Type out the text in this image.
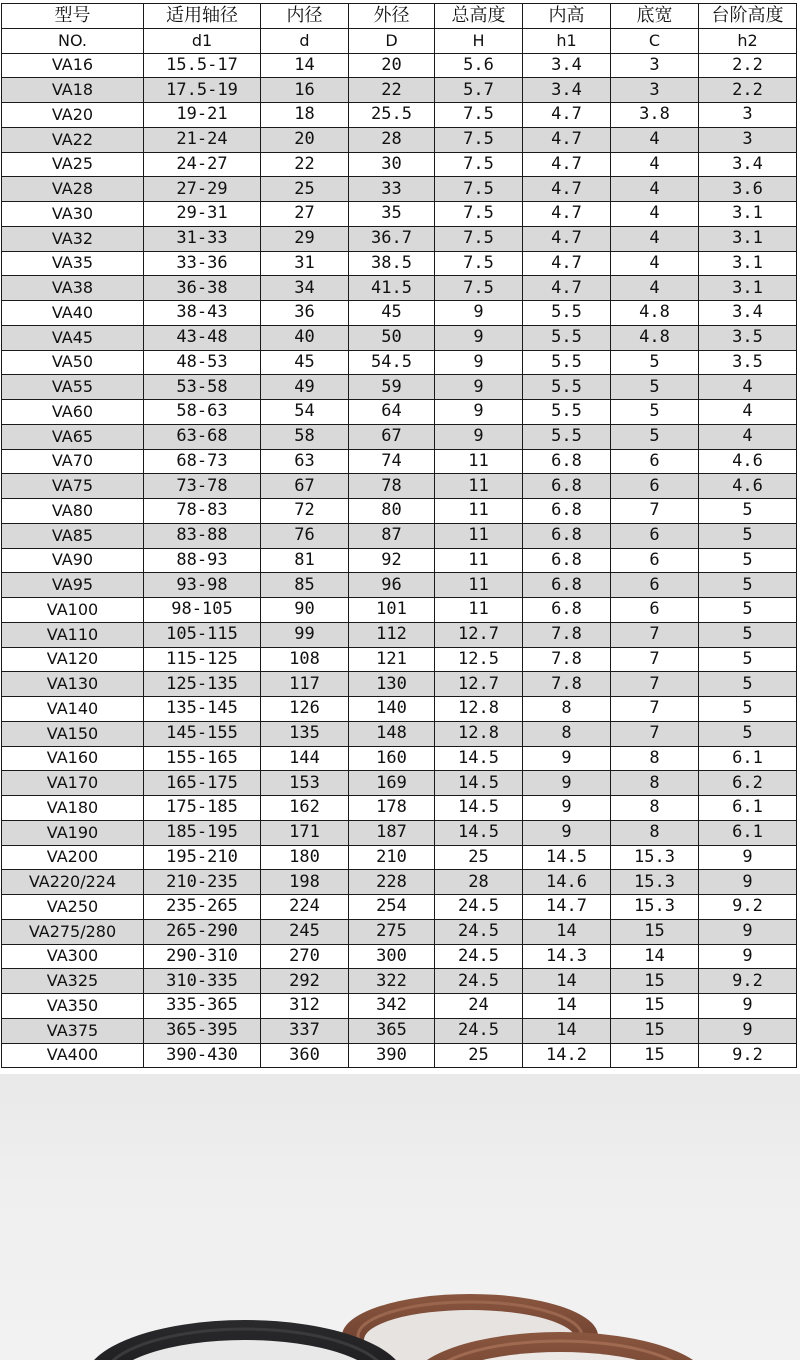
型号	适用轴径	内径	外径	总高度	内高	底宽	台阶高度
NO.	d1	d	D	H	h1	C	h2
VA16	15.5-17	14	20	5.6	3.4	3	2.2
VA18	17.5-19	16	22	5.7	3.4	3	2.2
VA20	19-21	18	25.5	7.5	4.7	3.8	3
VA22	21-24	20	28	7.5	4.7	4	3
VA25	24-27	22	30	7.5	4.7	4	3.4
VA28	27-29	25	33	7.5	4.7	4	3.6
VA30	29-31	27	35	7.5	4.7	4	3.1
VA32	31-33	29	36.7	7.5	4.7	4	3.1
VA35	33-36	31	38.5	7.5	4.7	4	3.1
VA38	36-38	34	41.5	7.5	4.7	4	3.1
VA40	38-43	36	45	9	5.5	4.8	3.4
VA45	43-48	40	50	9	5.5	4.8	3.5
VA50	48-53	45	54.5	9	5.5	5	3.5
VA55	53-58	49	59	9	5.5	5	4
VA60	58-63	54	64	9	5.5	5	4
VA65	63-68	58	67	9	5.5	5	4
VA70	68-73	63	74	11	6.8	6	4.6
VA75	73-78	67	78	11	6.8	6	4.6
VA80	78-83	72	80	11	6.8	7	5
VA85	83-88	76	87	11	6.8	6	5
VA90	88-93	81	92	11	6.8	6	5
VA95	93-98	85	96	11	6.8	6	5
VA100	98-105	90	101	11	6.8	6	5
VA110	105-115	99	112	12.7	7.8	7	5
VA120	115-125	108	121	12.5	7.8	7	5
VA130	125-135	117	130	12.7	7.8	7	5
VA140	135-145	126	140	12.8	8	7	5
VA150	145-155	135	148	12.8	8	7	5
VA160	155-165	144	160	14.5	9	8	6.1
VA170	165-175	153	169	14.5	9	8	6.2
VA180	175-185	162	178	14.5	9	8	6.1
VA190	185-195	171	187	14.5	9	8	6.1
VA200	195-210	180	210	25	14.5	15.3	9
VA220/224	210-235	198	228	28	14.6	15.3	9
VA250	235-265	224	254	24.5	14.7	15.3	9.2
VA275/280	265-290	245	275	24.5	14	15	9
VA300	290-310	270	300	24.5	14.3	14	9
VA325	310-335	292	322	24.5	14	15	9.2
VA350	335-365	312	342	24	14	15	9
VA375	365-395	337	365	24.5	14	15	9
VA400	390-430	360	390	25	14.2	15	9.2
